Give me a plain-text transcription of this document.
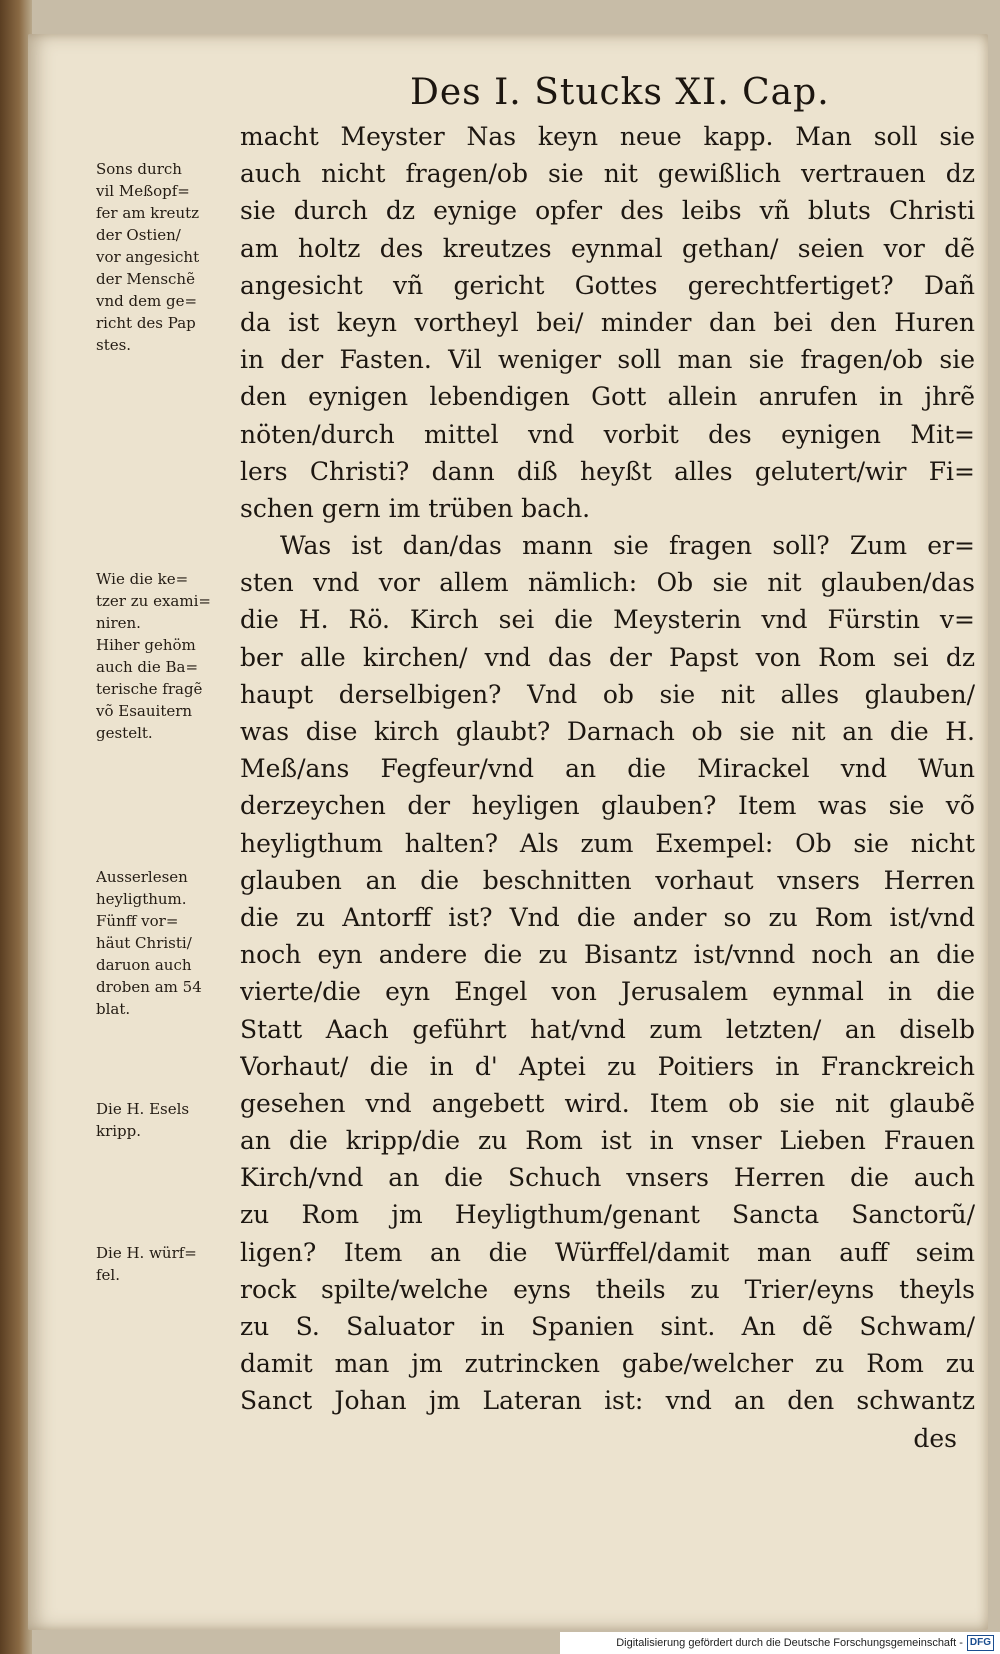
Des I. Stucks XI. Cap.
macht Meyster Nas keyn neue kapp. Man soll sie
auch nicht fragen/ob sie nit gewißlich vertrauen dz
sie durch dz eynige opfer des leibs vñ bluts Christi
am holtz des kreutzes eynmal gethan/ seien vor dẽ
angesicht vñ gericht Gottes gerechtfertiget? Dañ
da ist keyn vortheyl bei/ minder dan bei den Huren
in der Fasten. Vil weniger soll man sie fragen/ob sie
den eynigen lebendigen Gott allein anrufen in jhrẽ
nöten/durch mittel vnd vorbit des eynigen Mit=
lers Christi? dann diß heyßt alles gelutert/wir Fi=
schen gern im trüben bach.
Was ist dan/das mann sie fragen soll? Zum er=
sten vnd vor allem nämlich: Ob sie nit glauben/das
die H. Rö. Kirch sei die Meysterin vnd Fürstin v=
ber alle kirchen/ vnd das der Papst von Rom sei dz
haupt derselbigen? Vnd ob sie nit alles glauben/
was dise kirch glaubt? Darnach ob sie nit an die H.
Meß/ans Fegfeur/vnd an die Mirackel vnd Wun
derzeychen der heyligen glauben? Item was sie võ
heyligthum halten? Als zum Exempel: Ob sie nicht
glauben an die beschnitten vorhaut vnsers Herren
die zu Antorff ist? Vnd die ander so zu Rom ist/vnd
noch eyn andere die zu Bisantz ist/vnnd noch an die
vierte/die eyn Engel von Jerusalem eynmal in die
Statt Aach geführt hat/vnd zum letzten/ an diselb
Vorhaut/ die in d' Aptei zu Poitiers in Franckreich
gesehen vnd angebett wird. Item ob sie nit glaubẽ
an die kripp/die zu Rom ist in vnser Lieben Frauen
Kirch/vnd an die Schuch vnsers Herren die auch
zu Rom jm Heyligthum/genant Sancta Sanctorũ/
ligen? Item an die Würffel/damit man auff seim
rock spilte/welche eyns theils zu Trier/eyns theyls
zu S. Saluator in Spanien sint. An dẽ Schwam/
damit man jm zutrincken gabe/welcher zu Rom zu
Sanct Johan jm Lateran ist: vnd an den schwantz
des
Sons durch
vil Meßopf=
fer am kreutz
der Ostien/
vor angesicht
der Menschẽ
vnd dem ge=
richt des Pap
stes.
Wie die ke=
tzer zu exami=
niren.
Hiher gehöm
auch die Ba=
terische fragẽ
võ Esauitern
gestelt.
Ausserlesen
heyligthum.
Fünff vor=
häut Christi/
daruon auch
droben am 54
blat.
Die H. Esels
kripp.
Die H. würf=
fel.
Digitalisierung gefördert durch die Deutsche Forschungsgemeinschaft - DFG
